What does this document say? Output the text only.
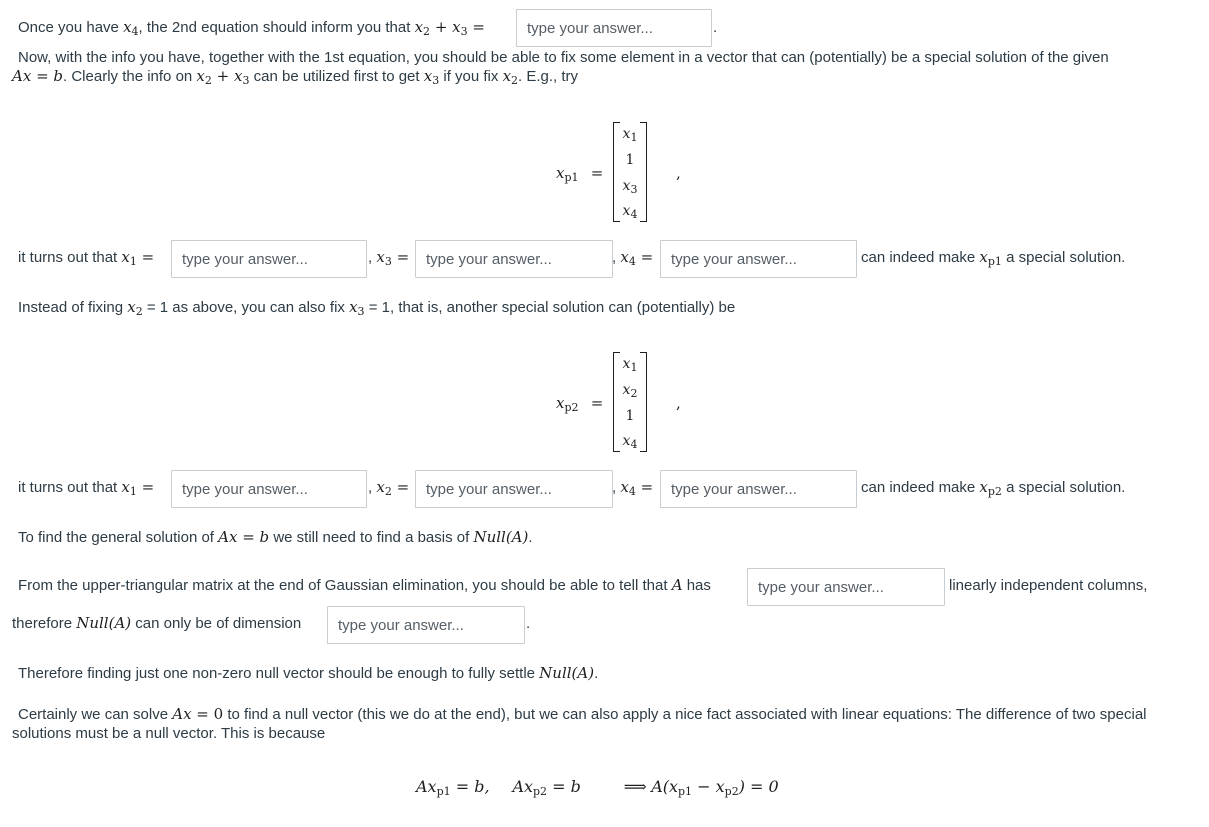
Once you have $x_4$, the 2nd equation should inform you that $x_2 + x_3$ =
type your answer...	.
Now, with the info you have, together with the 1st equation, you should be able to fix some element in a vector that can (potentially) be a special solution of the given
Ax = b. Clearly the info on $x_2 + x_3$ can be utilized first to get $x_3$ if you fix $x_2$. E.g., try
$x_{p1}$ =
$x_1$
1
$x_3$
$x_4$
,
it turns out that $x_1$ =
type your answer...	, $x_3$ =
type your answer...	, $x_4$ =
type your answer...	can indeed make $x_{p1}$ a special solution.
Instead of fixing $x_2 = 1$ as above, you can also fix $x_3 = 1$, that is, another special solution can (potentially) be
$x_{p2}$ =
$x_1$
$x_2$
1
$x_4$
,
it turns out that $x_1$ =
type your answer...	, $x_2$ =
type your answer...	, $x_4$ =
type your answer...	can indeed make $x_{p2}$ a special solution.
To find the general solution of Ax = b we still need to find a basis of Null(A).
From the upper-triangular matrix at the end of Gaussian elimination, you should be able to tell that A has
type your answer...	linearly independent columns,
therefore Null(A) can only be of dimension
type your answer...	.
Therefore finding just one non-zero null vector should be enough to fully settle Null(A).
Certainly we can solve Ax = 0 to find a null vector (this we do at the end), but we can also apply a nice fact associated with linear equations: The difference of two special
solutions must be a null vector. This is because
$Ax_{p1} = b$, $Ax_{p2} = b$	⟹ $A(x_{p1} - x_{p2}) = 0$
